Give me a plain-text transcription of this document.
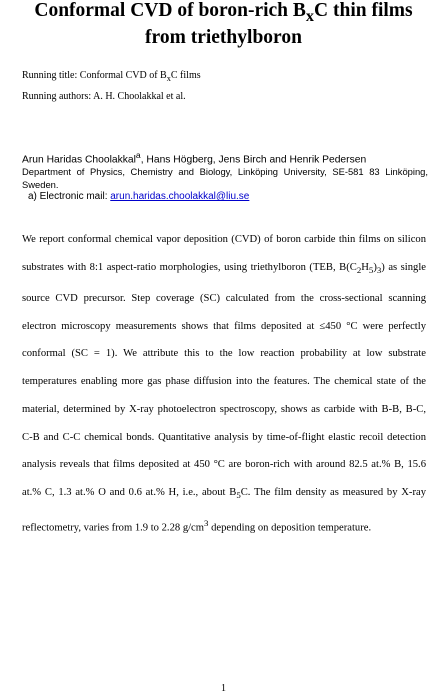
Conformal CVD of boron-rich $B_xC$ thin films
from triethylboron
Running title: Conformal CVD of $B_xC$ films
Running authors: A. H. Choolakkal et al.
Arun Haridas Choolakkal$^a$, Hans Högberg, Jens Birch and Henrik Pedersen
Department of Physics, Chemistry and Biology, Linköping University, SE-581 83 Linköping, Sweden.
a) Electronic mail: arun.haridas.choolakkal@liu.se
We report conformal chemical vapor deposition (CVD) of boron carbide thin films on silicon substrates with 8:1 aspect-ratio morphologies, using triethylboron (TEB, $B(C_2H_5)_3$) as single source CVD precursor. Step coverage (SC) calculated from the cross-sectional scanning electron microscopy measurements shows that films deposited at ≤450 °C were perfectly conformal (SC = 1). We attribute this to the low reaction probability at low substrate temperatures enabling more gas phase diffusion into the features. The chemical state of the material, determined by X-ray photoelectron spectroscopy, shows as carbide with B-B, B-C, C-B and C-C chemical bonds. Quantitative analysis by time-of-flight elastic recoil detection analysis reveals that films deposited at 450 °C are boron-rich with around 82.5 at.% B, 15.6 at.% C, 1.3 at.% O and 0.6 at.% H, i.e., about $B_5C$. The film density as measured by X-ray reflectometry, varies from 1.9 to 2.28 $g/cm^3$ depending on deposition temperature.
1
